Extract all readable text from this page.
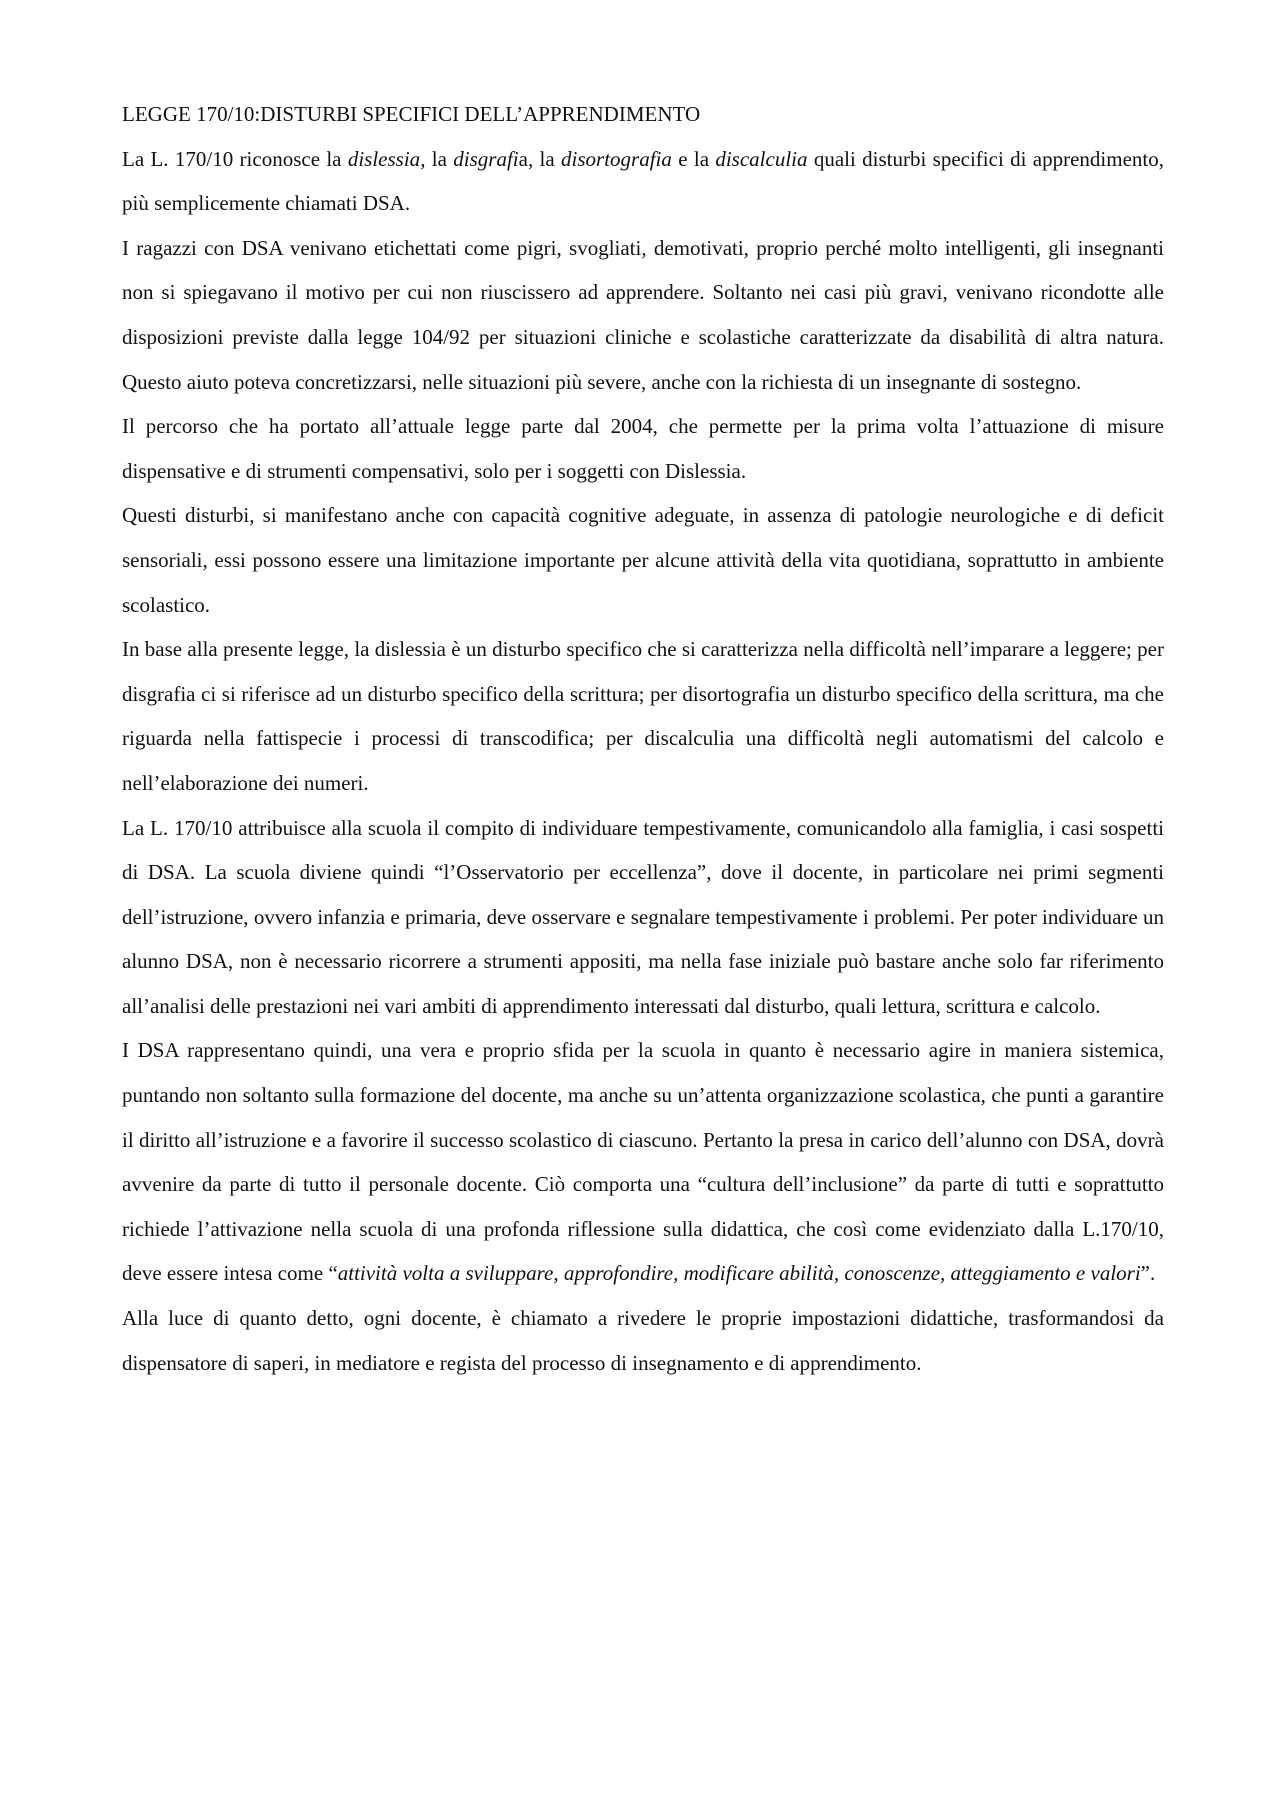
LEGGE 170/10:DISTURBI SPECIFICI DELL’APPRENDIMENTO

La L. 170/10 riconosce la dislessia, la disgrafia, la disortografia e la discalculia quali disturbi specifici di apprendimento, più semplicemente chiamati DSA.

I ragazzi con DSA venivano etichettati come pigri, svogliati, demotivati, proprio perché molto intelligenti, gli insegnanti non si spiegavano il motivo per cui non riuscissero ad apprendere. Soltanto nei casi più gravi, venivano ricondotte alle disposizioni previste dalla legge 104/92 per situazioni cliniche e scolastiche caratterizzate da disabilità di altra natura. Questo aiuto poteva concretizzarsi, nelle situazioni più severe, anche con la richiesta di un insegnante di sostegno.

Il percorso che ha portato all’attuale legge parte dal 2004, che permette per la prima volta l’attuazione di misure dispensative e di strumenti compensativi, solo per i soggetti con Dislessia.

Questi disturbi, si manifestano anche con capacità cognitive adeguate, in assenza di patologie neurologiche e di deficit sensoriali, essi possono essere una limitazione importante per alcune attività della vita quotidiana, soprattutto in ambiente scolastico.

In base alla presente legge, la dislessia è un disturbo specifico che si caratterizza nella difficoltà nell’imparare a leggere; per disgrafia ci si riferisce ad un disturbo specifico della scrittura; per disortografia un disturbo specifico della scrittura, ma che riguarda nella fattispecie i processi di transcodifica; per discalculia una difficoltà negli automatismi del calcolo e nell’elaborazione dei numeri.

La L. 170/10 attribuisce alla scuola il compito di individuare tempestivamente, comunicandolo alla famiglia, i casi sospetti di DSA. La scuola diviene quindi “l’Osservatorio per eccellenza”, dove il docente, in particolare nei primi segmenti dell’istruzione, ovvero infanzia e primaria, deve osservare e segnalare tempestivamente i problemi. Per poter individuare un alunno DSA, non è necessario ricorrere a strumenti appositi, ma nella fase iniziale può bastare anche solo far riferimento all’analisi delle prestazioni nei vari ambiti di apprendimento interessati dal disturbo, quali lettura, scrittura e calcolo.

I DSA rappresentano quindi, una vera e proprio sfida per la scuola in quanto è necessario agire in maniera sistemica, puntando non soltanto sulla formazione del docente, ma anche su un’attenta organizzazione scolastica, che punti a garantire il diritto all’istruzione e a favorire il successo scolastico di ciascuno. Pertanto la presa in carico dell’alunno con DSA, dovrà avvenire da parte di tutto il personale docente. Ciò comporta una “cultura dell’inclusione” da parte di tutti e soprattutto richiede l’attivazione nella scuola di una profonda riflessione sulla didattica, che così come evidenziato dalla L.170/10, deve essere intesa come “attività volta a sviluppare, approfondire, modificare abilità, conoscenze, atteggiamento e valori”.

Alla luce di quanto detto, ogni docente, è chiamato a rivedere le proprie impostazioni didattiche, trasformandosi da dispensatore di saperi, in mediatore e regista del processo di insegnamento e di apprendimento.
